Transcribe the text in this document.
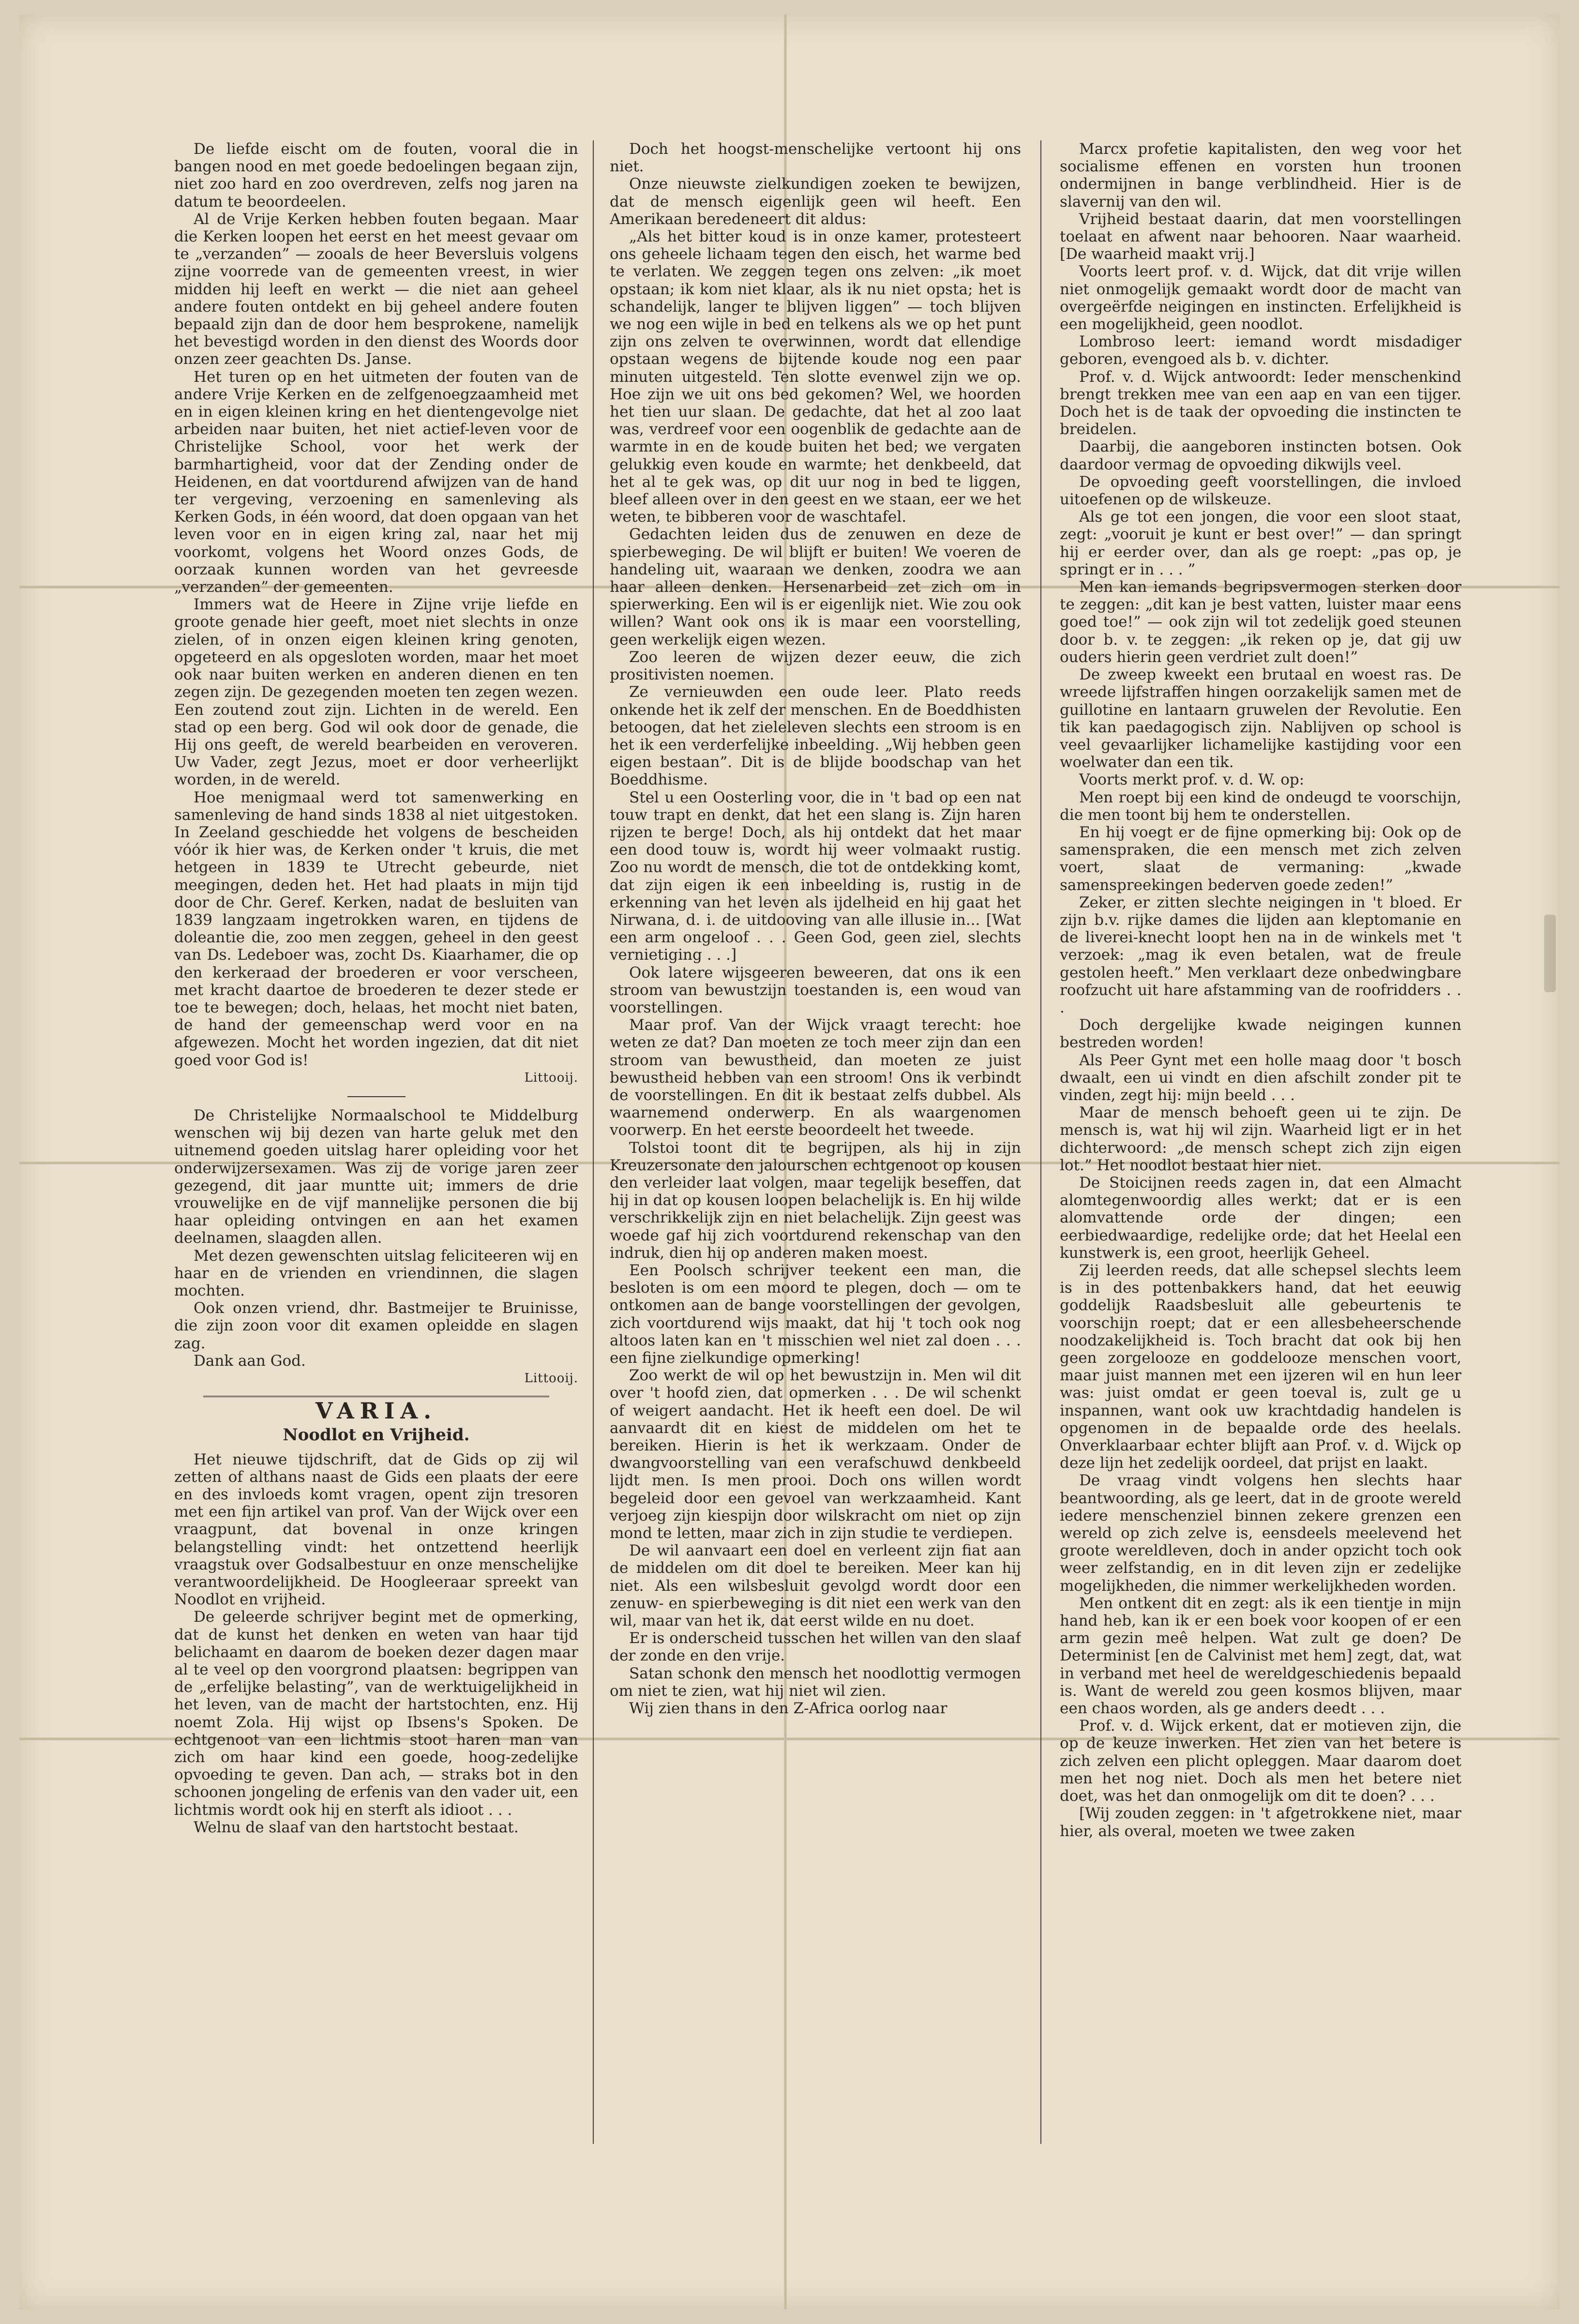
De liefde eischt om de fouten, vooral die in bangen nood en met goede bedoelingen begaan zijn, niet zoo hard en zoo overdreven, zelfs nog jaren na datum te beoordeelen.

Al de Vrije Kerken hebben fouten begaan. Maar die Kerken loopen het eerst en het meest gevaar om te „verzanden” — zooals de heer Beversluis volgens zijne voorrede van de gemeenten vreest, in wier midden hij leeft en werkt — die niet aan geheel andere fouten ontdekt en bij geheel andere fouten bepaald zijn dan de door hem besprokene, namelijk het bevestigd worden in den dienst des Woords door onzen zeer geachten Ds. Janse.

Het turen op en het uitmeten der fouten van de andere Vrije Kerken en de zelfgenoegzaamheid met en in eigen kleinen kring en het dientengevolge niet arbeiden naar buiten, het niet actief-leven voor de Christelijke School, voor het werk der barmhartigheid, voor dat der Zending onder de Heidenen, en dat voortdurend afwijzen van de hand ter vergeving, verzoening en samenleving als Kerken Gods, in één woord, dat doen opgaan van het leven voor en in eigen kring zal, naar het mij voorkomt, volgens het Woord onzes Gods, de oorzaak kunnen worden van het gevreesde „verzanden” der gemeenten.

Immers wat de Heere in Zijne vrije liefde en groote genade hier geeft, moet niet slechts in onze zielen, of in onzen eigen kleinen kring genoten, opgeteerd en als opgesloten worden, maar het moet ook naar buiten werken en anderen dienen en ten zegen zijn. De gezegenden moeten ten zegen wezen. Een zoutend zout zijn. Lichten in de wereld. Een stad op een berg. God wil ook door de genade, die Hij ons geeft, de wereld bearbeiden en veroveren. Uw Vader, zegt Jezus, moet er door verheerlijkt worden, in de wereld.

Hoe menigmaal werd tot samenwerking en samenleving de hand sinds 1838 al niet uitgestoken. In Zeeland geschiedde het volgens de bescheiden vóór ik hier was, de Kerken onder 't kruis, die met hetgeen in 1839 te Utrecht gebeurde, niet meegingen, deden het. Het had plaats in mijn tijd door de Chr. Geref. Kerken, nadat de besluiten van 1839 langzaam ingetrokken waren, en tijdens de doleantie die, zoo men zeggen, geheel in den geest van Ds. Ledeboer was, zocht Ds. Kiaarhamer, die op den kerkeraad der broederen er voor verscheen, met kracht daartoe de broederen te dezer stede er toe te bewegen; doch, helaas, het mocht niet baten, de hand der gemeenschap werd voor en na afgewezen. Mocht het worden ingezien, dat dit niet goed voor God is!

Littooij.

De Christelijke Normaalschool te Middelburg wenschen wij bij dezen van harte geluk met den uitnemend goeden uitslag harer opleiding voor het onderwijzersexamen. Was zij de vorige jaren zeer gezegend, dit jaar muntte uit; immers de drie vrouwelijke en de vijf mannelijke personen die bij haar opleiding ontvingen en aan het examen deelnamen, slaagden allen.

Met dezen gewenschten uitslag feliciteeren wij en haar en de vrienden en vriendinnen, die slagen mochten.

Ook onzen vriend, dhr. Bastmeijer te Bruinisse, die zijn zoon voor dit examen opleidde en slagen zag.

Dank aan God.

Littooij.
VARIA.
Noodlot en Vrijheid.

Het nieuwe tijdschrift, dat de Gids op zij wil zetten of althans naast de Gids een plaats der eere en des invloeds komt vragen, opent zijn tresoren met een fijn artikel van prof. Van der Wijck over een vraagpunt, dat bovenal in onze kringen belangstelling vindt: het ontzettend heerlijk vraagstuk over Godsalbestuur en onze menschelijke verantwoordelijkheid. De Hoogleeraar spreekt van Noodlot en vrijheid.

De geleerde schrijver begint met de opmerking, dat de kunst het denken en weten van haar tijd belichaamt en daarom de boeken dezer dagen maar al te veel op den voorgrond plaatsen: begrippen van de „erfelijke belasting”, van de werktuigelijkheid in het leven, van de macht der hartstochten, enz. Hij noemt Zola. Hij wijst op Ibsens's Spoken. De echtgenoot van een lichtmis stoot haren man van zich om haar kind een goede, hoog-zedelijke opvoeding te geven. Dan ach, — straks bot in den schoonen jongeling de erfenis van den vader uit, een lichtmis wordt ook hij en sterft als idioot . . .

Welnu de slaaf van den hartstocht bestaat.

Doch het hoogst-menschelijke vertoont hij ons niet.

Onze nieuwste zielkundigen zoeken te bewijzen, dat de mensch eigenlijk geen wil heeft. Een Amerikaan beredeneert dit aldus:

„Als het bitter koud is in onze kamer, protesteert ons geheele lichaam tegen den eisch, het warme bed te verlaten. We zeggen tegen ons zelven: „ik moet opstaan; ik kom niet klaar, als ik nu niet opsta; het is schandelijk, langer te blijven liggen” — toch blijven we nog een wijle in bed en telkens als we op het punt zijn ons zelven te overwinnen, wordt dat ellendige opstaan wegens de bijtende koude nog een paar minuten uitgesteld. Ten slotte evenwel zijn we op. Hoe zijn we uit ons bed gekomen? Wel, we hoorden het tien uur slaan. De gedachte, dat het al zoo laat was, verdreef voor een oogenblik de gedachte aan de warmte in en de koude buiten het bed; we vergaten gelukkig even koude en warmte; het denkbeeld, dat het al te gek was, op dit uur nog in bed te liggen, bleef alleen over in den geest en we staan, eer we het weten, te bibberen voor de waschtafel.

Gedachten leiden dus de zenuwen en deze de spierbeweging. De wil blijft er buiten! We voeren de handeling uit, waaraan we denken, zoodra we aan haar alleen denken. Hersenarbeid zet zich om in spierwerking. Een wil is er eigenlijk niet. Wie zou ook willen? Want ook ons ik is maar een voorstelling, geen werkelijk eigen wezen.

Zoo leeren de wijzen dezer eeuw, die zich prositivisten noemen.

Ze vernieuwden een oude leer. Plato reeds onkende het ik zelf der menschen. En de Boeddhisten betoogen, dat het zieleleven slechts een stroom is en het ik een verderfelijke inbeelding. „Wij hebben geen eigen bestaan”. Dit is de blijde boodschap van het Boeddhisme.

Stel u een Oosterling voor, die in 't bad op een nat touw trapt en denkt, dat het een slang is. Zijn haren rijzen te berge! Doch, als hij ontdekt dat het maar een dood touw is, wordt hij weer volmaakt rustig. Zoo nu wordt de mensch, die tot de ontdekking komt, dat zijn eigen ik een inbeelding is, rustig in de erkenning van het leven als ijdelheid en hij gaat het Nirwana, d. i. de uitdooving van alle illusie in... [Wat een arm ongeloof . . . Geen God, geen ziel, slechts vernietiging . . .]

Ook latere wijsgeeren beweeren, dat ons ik een stroom van bewustzijn toestanden is, een woud van voorstellingen.

Maar prof. Van der Wijck vraagt terecht: hoe weten ze dat? Dan moeten ze toch meer zijn dan een stroom van bewustheid, dan moeten ze juist bewustheid hebben van een stroom! Ons ik verbindt de voorstellingen. En dit ik bestaat zelfs dubbel. Als waarnemend onderwerp. En als waargenomen voorwerp. En het eerste beoordeelt het tweede.

Tolstoi toont dit te begrijpen, als hij in zijn Kreuzersonate den jalourschen echtgenoot op kousen den verleider laat volgen, maar tegelijk beseffen, dat hij in dat op kousen loopen belachelijk is. En hij wilde verschrikkelijk zijn en niet belachelijk. Zijn geest was woede gaf hij zich voortdurend rekenschap van den indruk, dien hij op anderen maken moest.

Een Poolsch schrijver teekent een man, die besloten is om een moord te plegen, doch — om te ontkomen aan de bange voorstellingen der gevolgen, zich voortdurend wijs maakt, dat hij 't toch ook nog altoos laten kan en 't misschien wel niet zal doen . . . een fijne zielkundige opmerking!

Zoo werkt de wil op het bewustzijn in. Men wil dit over 't hoofd zien, dat opmerken . . . De wil schenkt of weigert aandacht. Het ik heeft een doel. De wil aanvaardt dit en kiest de middelen om het te bereiken. Hierin is het ik werkzaam. Onder de dwangvoorstelling van een verafschuwd denkbeeld lijdt men. Is men prooi. Doch ons willen wordt begeleid door een gevoel van werkzaamheid. Kant verjoeg zijn kiespijn door wilskracht om niet op zijn mond te letten, maar zich in zijn studie te verdiepen.

De wil aanvaart een doel en verleent zijn fiat aan de middelen om dit doel te bereiken. Meer kan hij niet. Als een wilsbesluit gevolgd wordt door een zenuw- en spierbeweging is dit niet een werk van den wil, maar van het ik, dat eerst wilde en nu doet.

Er is onderscheid tusschen het willen van den slaaf der zonde en den vrije.

Satan schonk den mensch het noodlottig vermogen om niet te zien, wat hij niet wil zien.

Wij zien thans in den Z-Africa oorlog naar

Marcx profetie kapitalisten, den weg voor het socialisme effenen en vorsten hun troonen ondermijnen in bange verblindheid. Hier is de slavernij van den wil.

Vrijheid bestaat daarin, dat men voorstellingen toelaat en afwent naar behooren. Naar waarheid. [De waarheid maakt vrij.]

Voorts leert prof. v. d. Wijck, dat dit vrije willen niet onmogelijk gemaakt wordt door de macht van overgeërfde neigingen en instincten. Erfelijkheid is een mogelijkheid, geen noodlot.

Lombroso leert: iemand wordt misdadiger geboren, evengoed als b. v. dichter.

Prof. v. d. Wijck antwoordt: Ieder menschenkind brengt trekken mee van een aap en van een tijger. Doch het is de taak der opvoeding die instincten te breidelen.

Daarbij, die aangeboren instincten botsen. Ook daardoor vermag de opvoeding dikwijls veel.

De opvoeding geeft voorstellingen, die invloed uitoefenen op de wilskeuze.

Als ge tot een jongen, die voor een sloot staat, zegt: „vooruit je kunt er best over!” — dan springt hij er eerder over, dan als ge roept: „pas op, je springt er in . . . ”

Men kan iemands begripsvermogen sterken door te zeggen: „dit kan je best vatten, luister maar eens goed toe!” — ook zijn wil tot zedelijk goed steunen door b. v. te zeggen: „ik reken op je, dat gij uw ouders hierin geen verdriet zult doen!”

De zweep kweekt een brutaal en woest ras. De wreede lijfstraffen hingen oorzakelijk samen met de guillotine en lantaarn gruwelen der Revolutie. Een tik kan paedagogisch zijn. Nablijven op school is veel gevaarlijker lichamelijke kastijding voor een woelwater dan een tik.

Voorts merkt prof. v. d. W. op:

Men roept bij een kind de ondeugd te voorschijn, die men toont bij hem te onderstellen.

En hij voegt er de fijne opmerking bij: Ook op de samenspraken, die een mensch met zich zelven voert, slaat de vermaning: „kwade samenspreekingen bederven goede zeden!”

Zeker, er zitten slechte neigingen in 't bloed. Er zijn b.v. rijke dames die lijden aan kleptomanie en de liverei-knecht loopt hen na in de winkels met 't verzoek: „mag ik even betalen, wat de freule gestolen heeft.” Men verklaart deze onbedwingbare roofzucht uit hare afstamming van de roofridders . . .

Doch dergelijke kwade neigingen kunnen bestreden worden!

Als Peer Gynt met een holle maag door 't bosch dwaalt, een ui vindt en dien afschilt zonder pit te vinden, zegt hij: mijn beeld . . .

Maar de mensch behoeft geen ui te zijn. De mensch is, wat hij wil zijn. Waarheid ligt er in het dichterwoord: „de mensch schept zich zijn eigen lot.” Het noodlot bestaat hier niet.

De Stoicijnen reeds zagen in, dat een Almacht alomtegenwoordig alles werkt; dat er is een alomvattende orde der dingen; een eerbiedwaardige, redelijke orde; dat het Heelal een kunstwerk is, een groot, heerlijk Geheel.

Zij leerden reeds, dat alle schepsel slechts leem is in des pottenbakkers hand, dat het eeuwig goddelijk Raadsbesluit alle gebeurtenis te voorschijn roept; dat er een allesbeheerschende noodzakelijkheid is. Toch bracht dat ook bij hen geen zorgelooze en goddelooze menschen voort, maar juist mannen met een ijzeren wil en hun leer was: juist omdat er geen toeval is, zult ge u inspannen, want ook uw krachtdadig handelen is opgenomen in de bepaalde orde des heelals. Onverklaarbaar echter blijft aan Prof. v. d. Wijck op deze lijn het zedelijk oordeel, dat prijst en laakt.

De vraag vindt volgens hen slechts haar beantwoording, als ge leert, dat in de groote wereld iedere menschenziel binnen zekere grenzen een wereld op zich zelve is, eensdeels meelevend het groote wereldleven, doch in ander opzicht toch ook weer zelfstandig, en in dit leven zijn er zedelijke mogelijkheden, die nimmer werkelijkheden worden.

Men ontkent dit en zegt: als ik een tientje in mijn hand heb, kan ik er een boek voor koopen of er een arm gezin meê helpen. Wat zult ge doen? De Determinist [en de Calvinist met hem] zegt, dat, wat in verband met heel de wereldgeschiedenis bepaald is. Want de wereld zou geen kosmos blijven, maar een chaos worden, als ge anders deedt . . .

Prof. v. d. Wijck erkent, dat er motieven zijn, die op de keuze inwerken. Het zien van het betere is zich zelven een plicht opleggen. Maar daarom doet men het nog niet. Doch als men het betere niet doet, was het dan onmogelijk om dit te doen? . . .

[Wij zouden zeggen: in 't afgetrokkene niet, maar hier, als overal, moeten we twee zaken
